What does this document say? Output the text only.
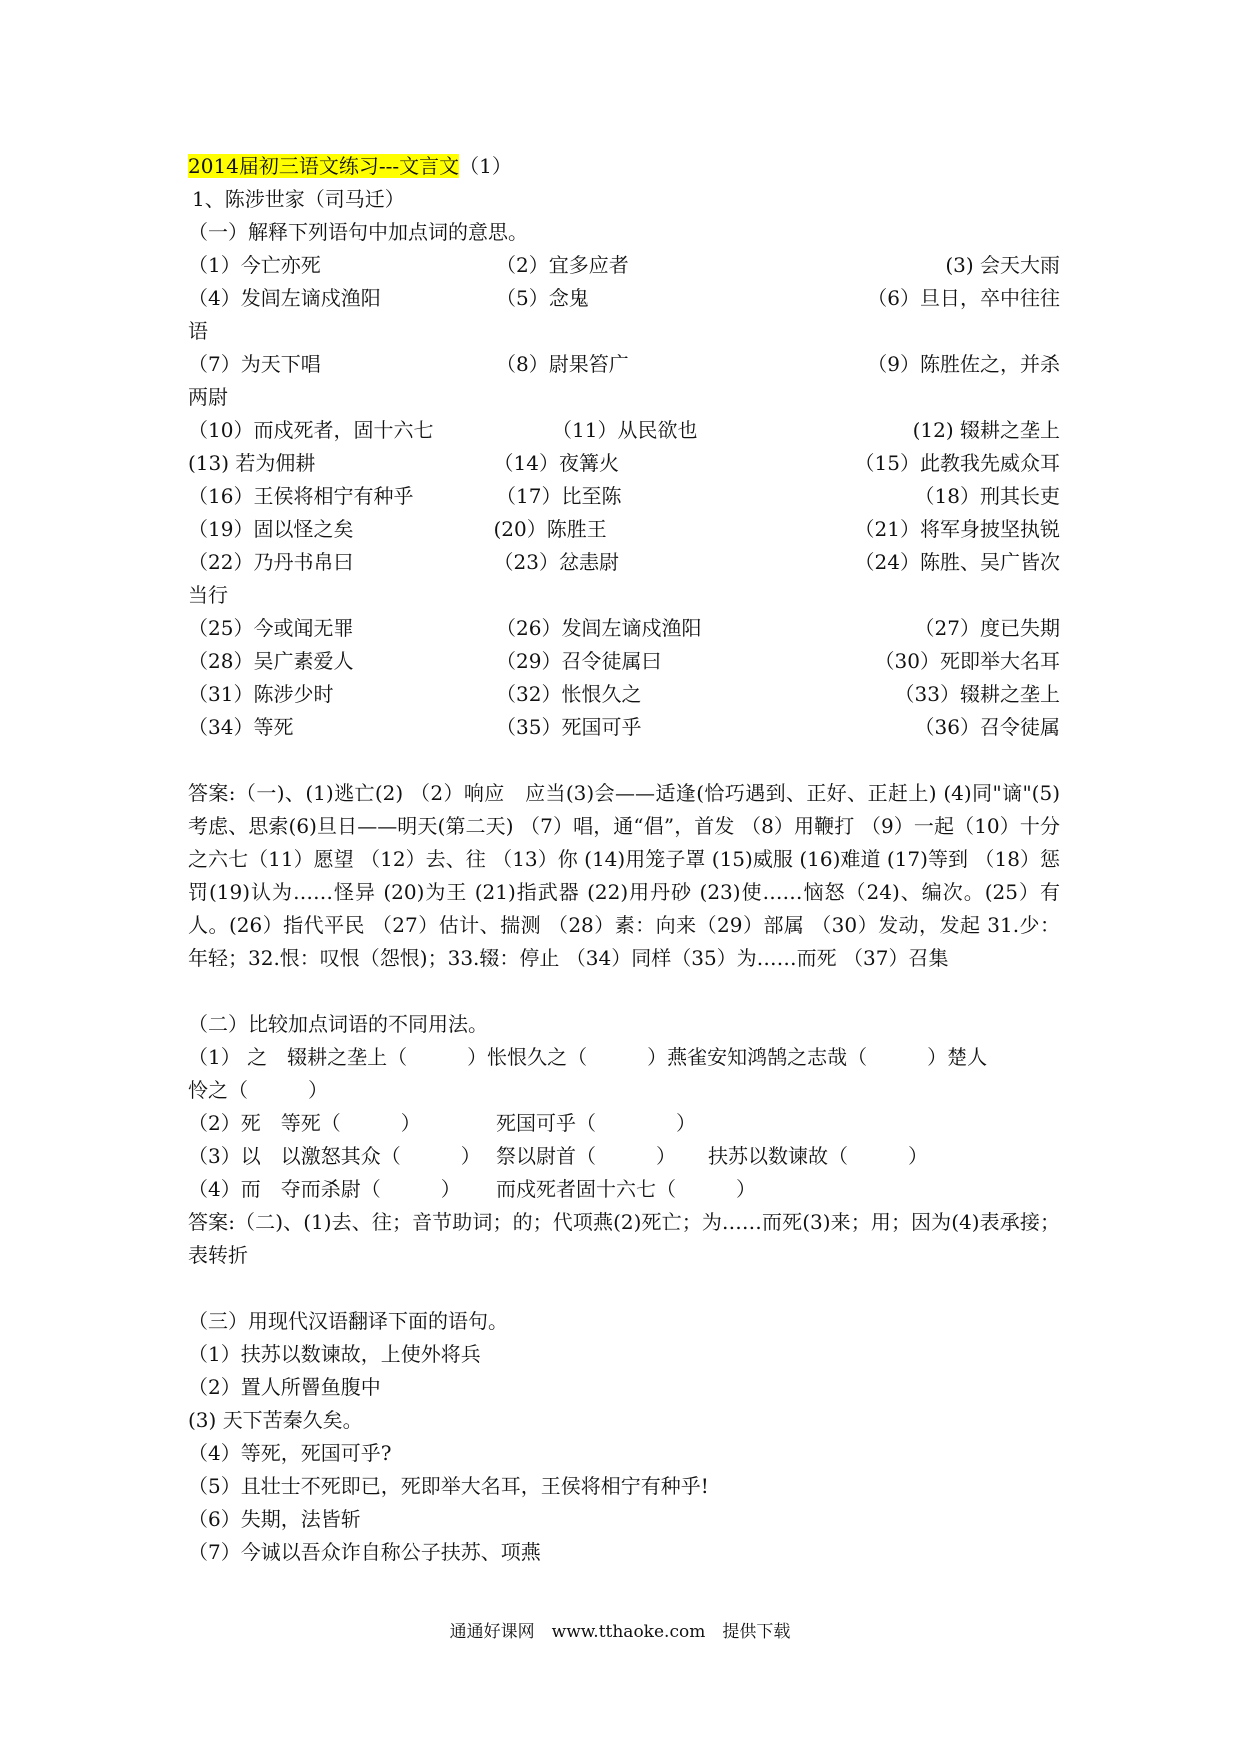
2014届初三语文练习---文言文（1）
1、陈涉世家（司马迁）
（一）解释下列语句中加点词的意思。
（1）今亡亦死	（2）宜多应者	(3) 会天大雨
（4）发闾左谪戍渔阳	（5）念鬼	（6）旦日，卒中往往
语
（7）为天下唱	（8）尉果笞广	（9）陈胜佐之，并杀
两尉
（10）而戍死者，固十六七	（11）从民欲也	(12) 辍耕之垄上
(13) 若为佣耕	（14）夜篝火	（15）此教我先威众耳
（16）王侯将相宁有种乎	（17）比至陈	（18）刑其长吏
（19）固以怪之矣	(20）陈胜王	（21）将军身披坚执锐
（22）乃丹书帛曰	（23）忿恚尉	（24）陈胜、吴广皆次
当行
（25）今或闻无罪	（26）发闾左谪戍渔阳	（27）度已失期
（28）吴广素爱人	（29）召令徒属曰	（30）死即举大名耳
（31）陈涉少时	（32）怅恨久之	（33）辍耕之垄上
（34）等死	（35）死国可乎	（36）召令徒属
答案:（一)、(1)逃亡(2) （2）响应　应当(3)会——适逢(恰巧遇到、正好、正赶上) (4)同"谪"(5) 考虑、思索(6)旦日——明天(第二天) （7）唱，通“倡”，首发 （8）用鞭打 （9）一起（10）十分之六七（11）愿望 （12）去、往 （13）你 (14)用笼子罩 (15)威服 (16)难道 (17)等到 （18）惩罚(19)认为……怪异 (20)为王 (21)指武器 (22)用丹砂 (23)使……恼怒（24)、编次。(25）有人。(26）指代平民 （27）估计、揣测 （28）素：向来（29）部属 （30）发动，发起 31.少：年轻；32.恨：叹恨（怨恨)；33.辍：停止 （34）同样（35）为……而死 （37）召集
（二）比较加点词语的不同用法。
（1） 之　辍耕之垄上（　　　）怅恨久之（　　　）燕雀安知鸿鹄之志哉（　　　）楚人
怜之（　　　）
（2）死　等死（　　　）	死国可乎（　　　　）
（3）以　以激怒其众（　　　） 祭以尉首（　　　）	扶苏以数谏故（　　　）
（4）而　夺而杀尉（　　　）	而戍死者固十六七（　　　）
答案:（二)、(1)去、往；音节助词；的；代项燕(2)死亡；为……而死(3)来；用；因为(4)表承接；表转折
（三）用现代汉语翻译下面的语句。
（1）扶苏以数谏故，上使外将兵
（2）置人所罾鱼腹中
(3) 天下苦秦久矣。
（4）等死，死国可乎?
（5）且壮士不死即已，死即举大名耳，王侯将相宁有种乎!
（6）失期，法皆斩
（7）今诚以吾众诈自称公子扶苏、项燕
通通好课网　www.tthaoke.com　提供下载
